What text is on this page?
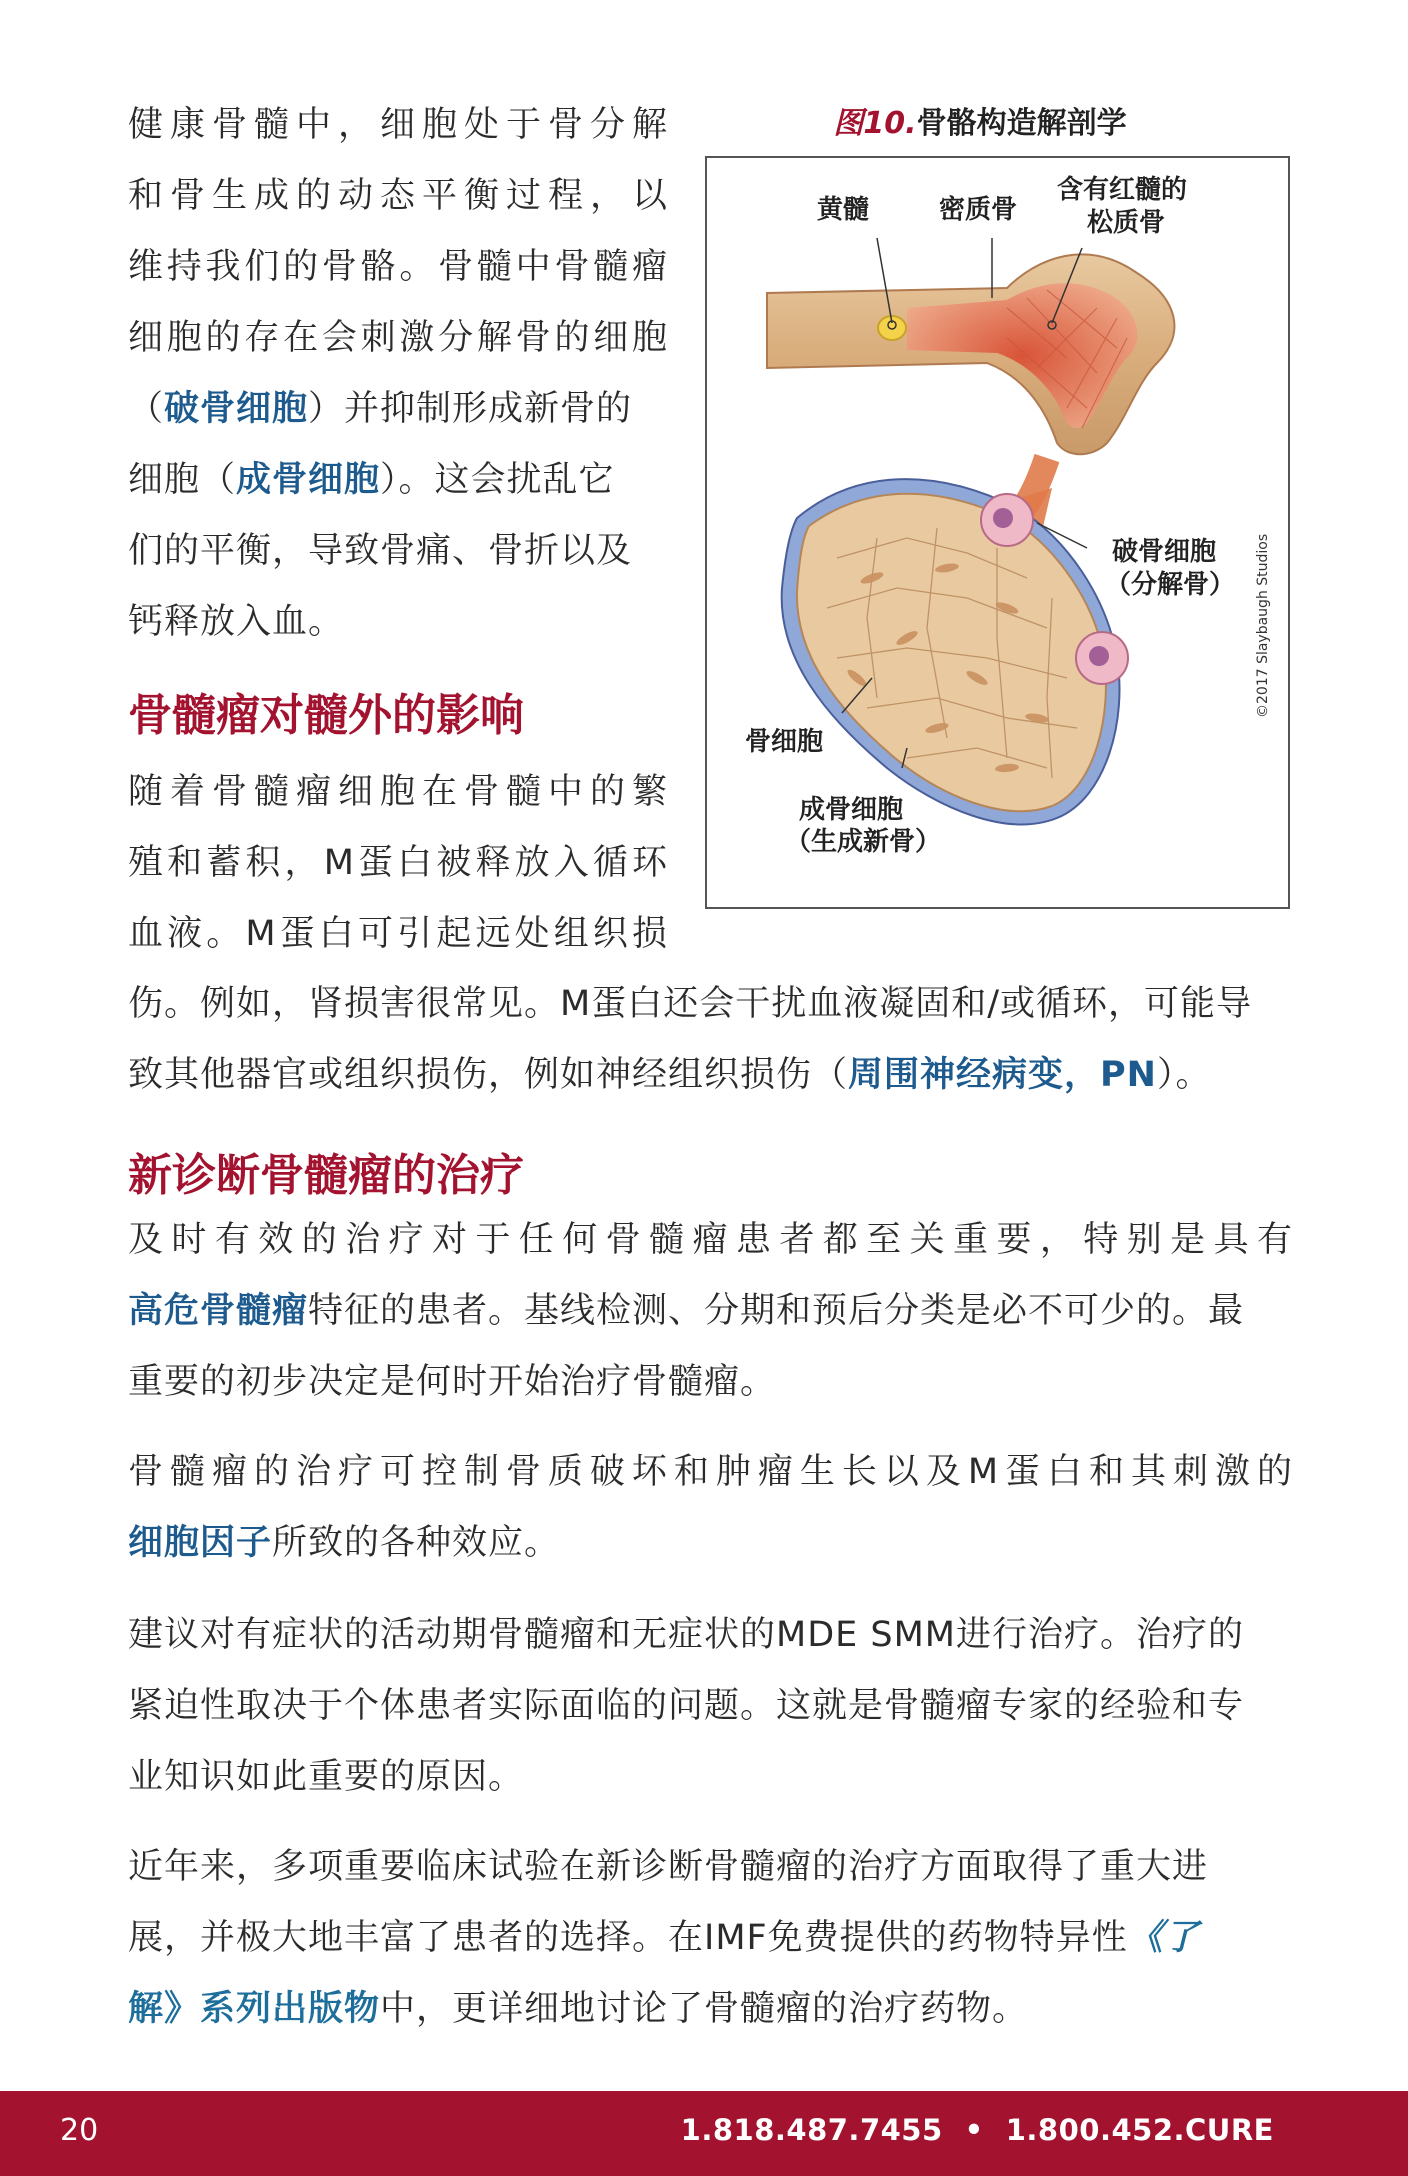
健康骨髓中，细胞处于骨分解
和骨生成的动态平衡过程，以
维持我们的骨骼。骨髓中骨髓瘤
细胞的存在会刺激分解骨的细胞
（破骨细胞）并抑制形成新骨的
细胞（成骨细胞）。这会扰乱它
们的平衡，导致骨痛、骨折以及
钙释放入血。
图10.骨骼构造解剖学
黄髓	密质骨
含有红髓的
松质骨
破骨细胞
（分解骨）
骨细胞
成骨细胞
（生成新骨）
©2017 Slaybaugh Studios
骨髓瘤对髓外的影响
随着骨髓瘤细胞在骨髓中的繁
殖和蓄积，M蛋白被释放入循环
血液。M蛋白可引起远处组织损
伤。例如，肾损害很常见。M蛋白还会干扰血液凝固和/或循环，可能导
致其他器官或组织损伤，例如神经组织损伤（周围神经病变，PN）。
新诊断骨髓瘤的治疗
及时有效的治疗对于任何骨髓瘤患者都至关重要，特别是具有
高危骨髓瘤特征的患者。基线检测、分期和预后分类是必不可少的。最
重要的初步决定是何时开始治疗骨髓瘤。
骨髓瘤的治疗可控制骨质破坏和肿瘤生长以及M蛋白和其刺激的
细胞因子所致的各种效应。
建议对有症状的活动期骨髓瘤和无症状的MDE SMM进行治疗。治疗的
紧迫性取决于个体患者实际面临的问题。这就是骨髓瘤专家的经验和专
业知识如此重要的原因。
近年来，多项重要临床试验在新诊断骨髓瘤的治疗方面取得了重大进
展，并极大地丰富了患者的选择。在IMF免费提供的药物特异性《了
解》系列出版物中，更详细地讨论了骨髓瘤的治疗药物。
20	1.818.487.7455 • 1.800.452.CURE
